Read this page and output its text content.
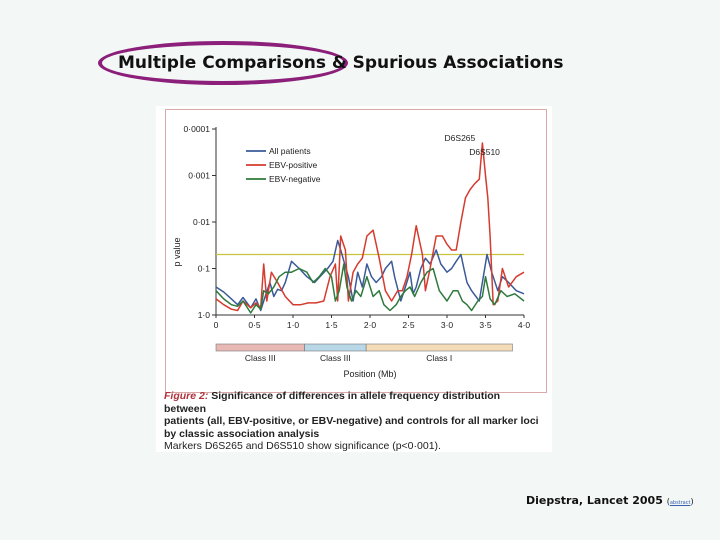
Multiple Comparisons & Spurious Associations
0·0001
0·001
0·01
0·1
1·0
0	0·5	1·0	1·5	2·0	2·5	3·0	3·5	4·0
p value
All patients
EBV-positive
EBV-negative
D6S265
D6S510
Class III	Class III	Class I
Position (Mb)
Figure 2: Significance of differences in allele frequency distribution between
patients (all, EBV-positive, or EBV-negative) and controls for all marker loci
by classic association analysis
Markers D6S265 and D6S510 show significance (p<0·001).
Diepstra, Lancet 2005 (abstract)
